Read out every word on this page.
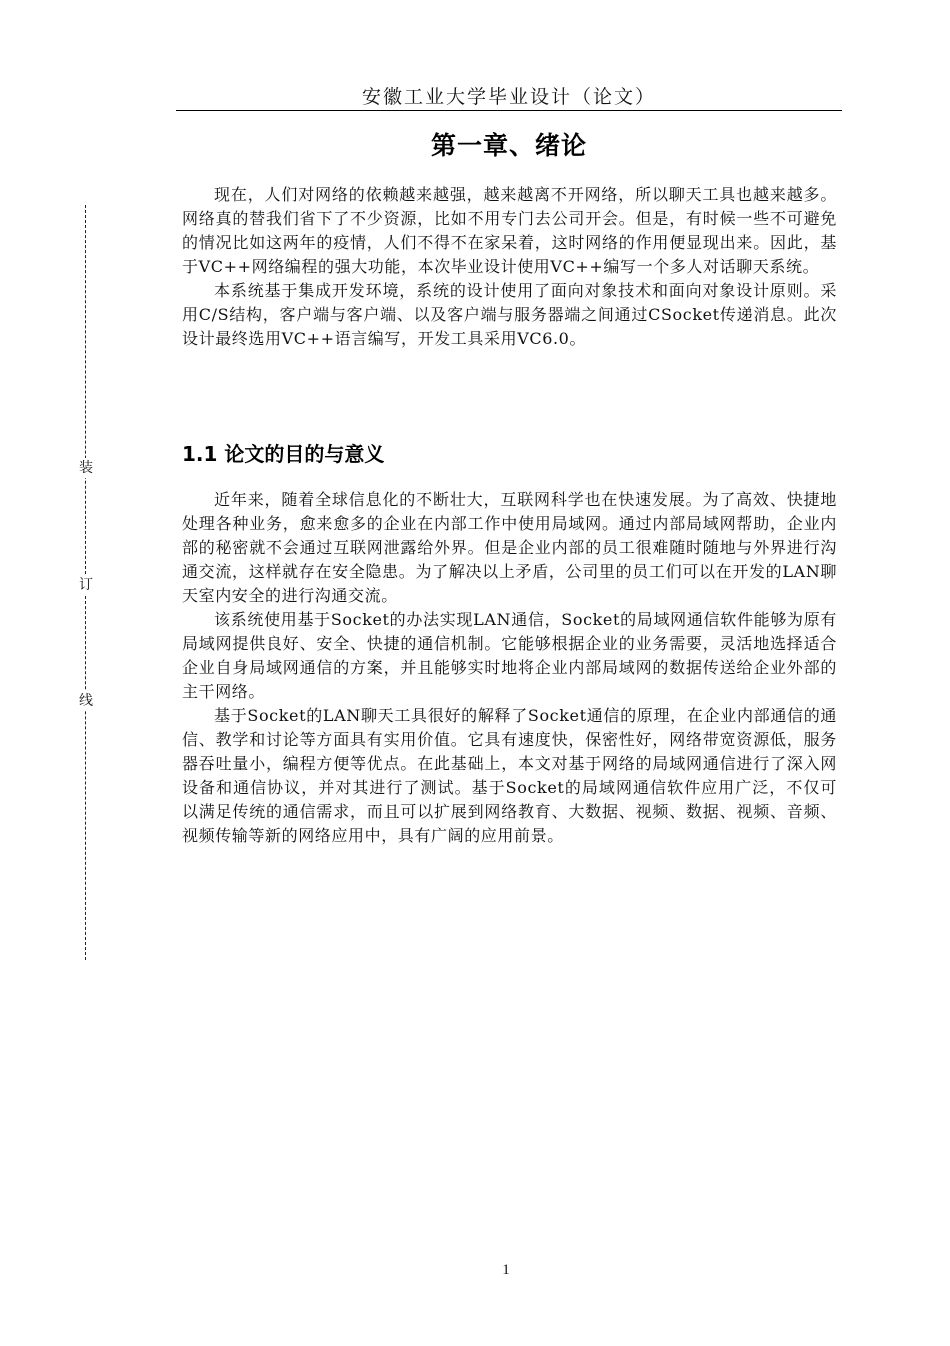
安徽工业大学毕业设计（论文）
第一章、绪论

现在，人们对网络的依赖越来越强，越来越离不开网络，所以聊天工具也越来越多。网络真的替我们省下了不少资源，比如不用专门去公司开会。但是，有时候一些不可避免的情况比如这两年的疫情，人们不得不在家呆着，这时网络的作用便显现出来。因此，基于VC++网络编程的强大功能，本次毕业设计使用VC++编写一个多人对话聊天系统。

本系统基于集成开发环境，系统的设计使用了面向对象技术和面向对象设计原则。采用C/S结构，客户端与客户端、以及客户端与服务器端之间通过CSocket传递消息。此次设计最终选用VC++语言编写，开发工具采用VC6.0。

1.1 论文的目的与意义

近年来，随着全球信息化的不断壮大，互联网科学也在快速发展。为了高效、快捷地处理各种业务，愈来愈多的企业在内部工作中使用局域网。通过内部局域网帮助，企业内部的秘密就不会通过互联网泄露给外界。但是企业内部的员工很难随时随地与外界进行沟通交流，这样就存在安全隐患。为了解决以上矛盾，公司里的员工们可以在开发的LAN聊天室内安全的进行沟通交流。

该系统使用基于Socket的办法实现LAN通信，Socket的局域网通信软件能够为原有局域网提供良好、安全、快捷的通信机制。它能够根据企业的业务需要，灵活地选择适合企业自身局域网通信的方案，并且能够实时地将企业内部局域网的数据传送给企业外部的主干网络。

基于Socket的LAN聊天工具很好的解释了Socket通信的原理，在企业内部通信的通信、教学和讨论等方面具有实用价值。它具有速度快，保密性好，网络带宽资源低，服务器吞吐量小，编程方便等优点。在此基础上，本文对基于网络的局域网通信进行了深入网设备和通信协议，并对其进行了测试。基于Socket的局域网通信软件应用广泛，不仅可以满足传统的通信需求，而且可以扩展到网络教育、大数据、视频、数据、视频、音频、视频传输等新的网络应用中，具有广阔的应用前景。

装
订
线
1
